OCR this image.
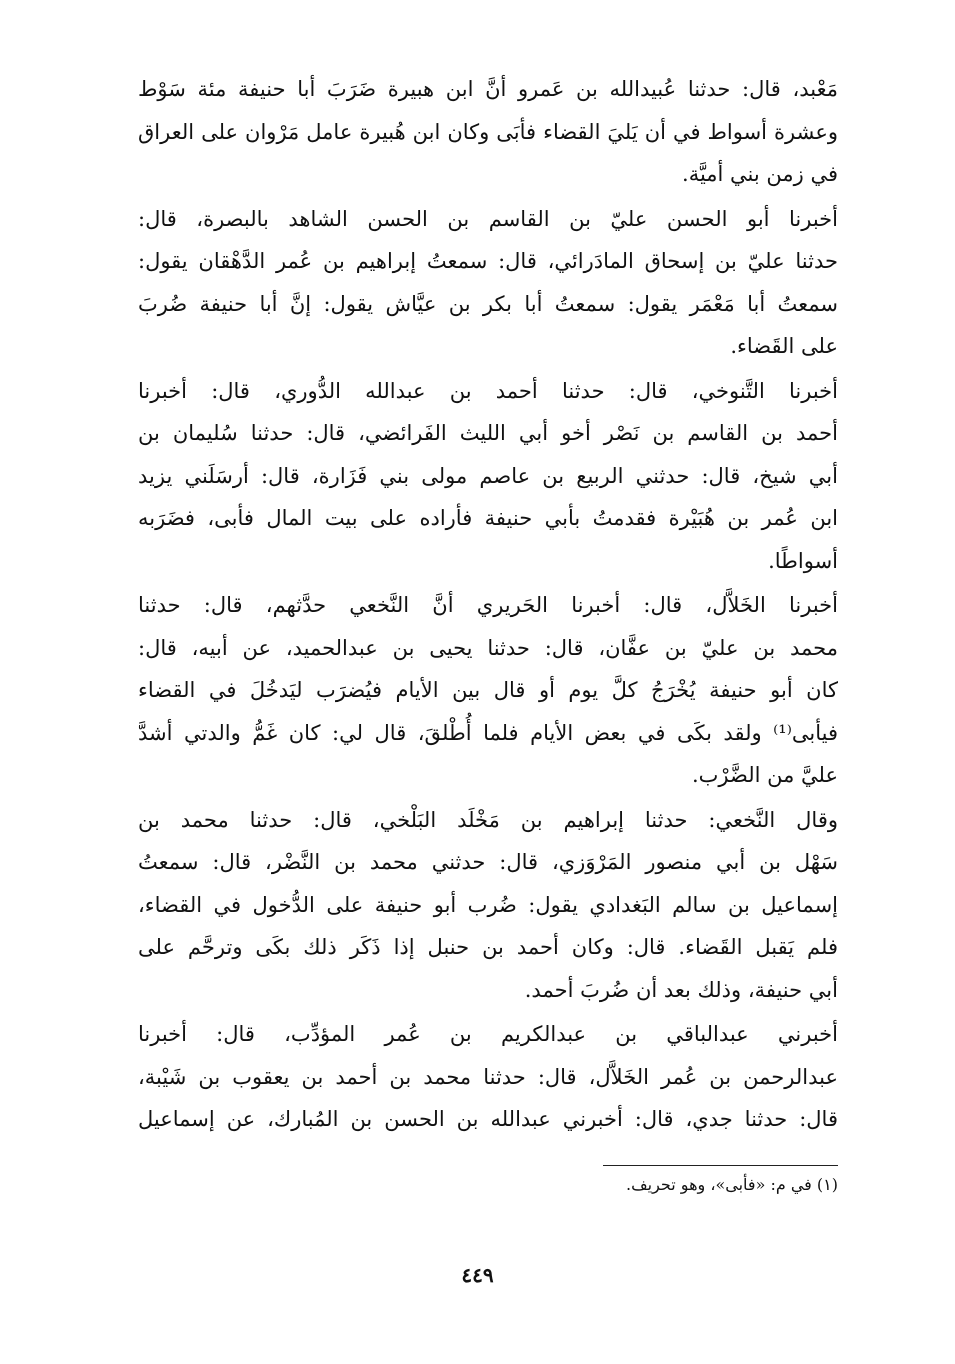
مَعْبد، قال: حدثنا عُبيدالله بن عَمرو أنَّ ابن هبيرة ضَرَبَ أبا حنيفة مئة سَوْط
وعشرة أسواط في أن يَليَ القضاء فأبَى وكان ابن هُبيرة عامل مَرْوان على العراق
في زمن بني أميَّة.
أخبرنا أبو الحسن عليّ بن القاسم بن الحسن الشاهد بالبصرة، قال:
حدثنا عليّ بن إسحاق المادَرائي، قال: سمعتُ إبراهيم بن عُمر الدَّهْقان يقول:
سمعتُ أبا مَعْمَر يقول: سمعتُ أبا بكر بن عيَّاش يقول: إنَّ أبا حنيفة ضُربَ
على القَضاء.
أخبرنا التَّنوخي، قال: حدثنا أحمد بن عبدالله الدُّوري، قال: أخبرنا
أحمد بن القاسم بن نَصْر أخو أبي الليث الفَرائضي، قال: حدثنا سُليمان بن
أبي شيخ، قال: حدثني الربيع بن عاصم مولى بني فَزَارة، قال: أرسَلَني يزيد
ابن عُمر بن هُبَيْرة فقدمتُ بأبي حنيفة فأراده على بيت المال فأبى، فضَرَبه
أسواطًا.
أخبرنا الخَلاَّل، قال: أخبرنا الحَريري أنَّ النَّخعي حدَّثهم، قال: حدثنا
محمد بن عليّ بن عفَّان، قال: حدثنا يحيى بن عبدالحميد، عن أبيه، قال:
كان أبو حنيفة يُخْرَجُ كلَّ يوم أو قال بين الأيام فيُضرَب ليَدخُلَ في القضاء
فيأبى⁽¹⁾ ولقد بكَى في بعض الأيام فلما أُطْلقَ، قال لي: كان غَمُّ والدتي أشدَّ
عليَّ من الضَّرْب.
وقال النَّخعي: حدثنا إبراهيم بن مَخْلَد البَلْخي، قال: حدثنا محمد بن
سَهْل بن أبي منصور المَرْوَزي، قال: حدثني محمد بن النَّضْر، قال: سمعتُ
إسماعيل بن سالم البَغدادي يقول: ضُرب أبو حنيفة على الدُّخول في القضاء،
فلم يَقبل القَضاء. قال: وكان أحمد بن حنبل إذا ذَكَر ذلك بكَى وترحَّم على
أبي حنيفة، وذلك بعد أن ضُربَ أحمد.
أخبرني عبدالباقي بن عبدالكريم بن عُمر المؤدِّب، قال: أخبرنا
عبدالرحمن بن عُمر الخَلاَّل، قال: حدثنا محمد بن أحمد بن يعقوب بن شَيْبة،
قال: حدثنا جدي، قال: أخبرني عبدالله بن الحسن بن المُبارك، عن إسماعيل
(١) في م: «فأبى»، وهو تحريف.
٤٤٩
